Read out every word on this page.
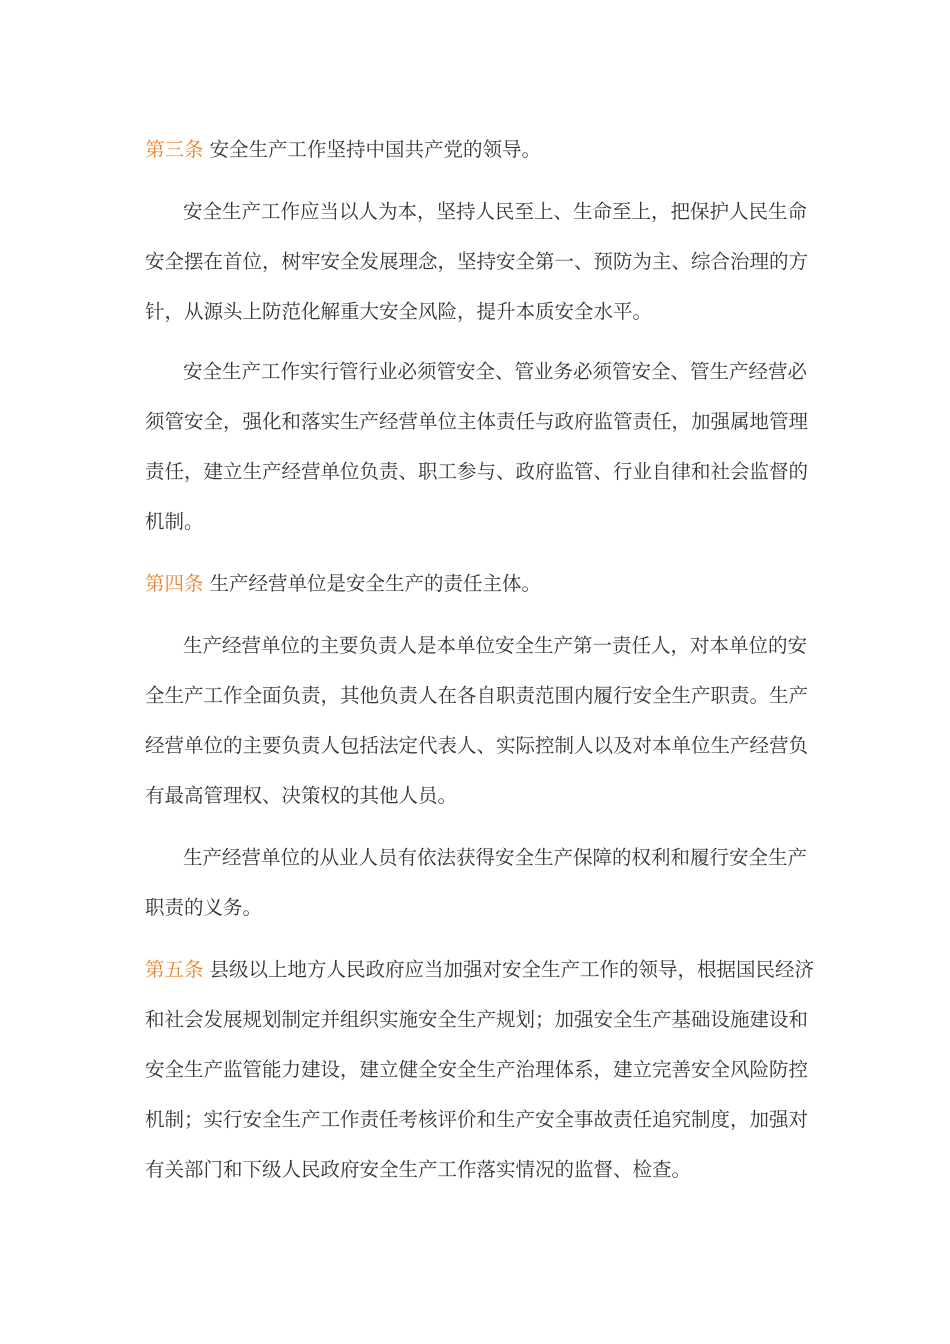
第三条 安全生产工作坚持中国共产党的领导。
安全生产工作应当以人为本，坚持人民至上、生命至上，把保护人民生命
安全摆在首位，树牢安全发展理念，坚持安全第一、预防为主、综合治理的方
针，从源头上防范化解重大安全风险，提升本质安全水平。
安全生产工作实行管行业必须管安全、管业务必须管安全、管生产经营必
须管安全，强化和落实生产经营单位主体责任与政府监管责任，加强属地管理
责任，建立生产经营单位负责、职工参与、政府监管、行业自律和社会监督的
机制。
第四条 生产经营单位是安全生产的责任主体。
生产经营单位的主要负责人是本单位安全生产第一责任人，对本单位的安
全生产工作全面负责，其他负责人在各自职责范围内履行安全生产职责。生产
经营单位的主要负责人包括法定代表人、实际控制人以及对本单位生产经营负
有最高管理权、决策权的其他人员。
生产经营单位的从业人员有依法获得安全生产保障的权利和履行安全生产
职责的义务。
第五条 县级以上地方人民政府应当加强对安全生产工作的领导，根据国民经济
和社会发展规划制定并组织实施安全生产规划；加强安全生产基础设施建设和
安全生产监管能力建设，建立健全安全生产治理体系，建立完善安全风险防控
机制；实行安全生产工作责任考核评价和生产安全事故责任追究制度，加强对
有关部门和下级人民政府安全生产工作落实情况的监督、检查。
